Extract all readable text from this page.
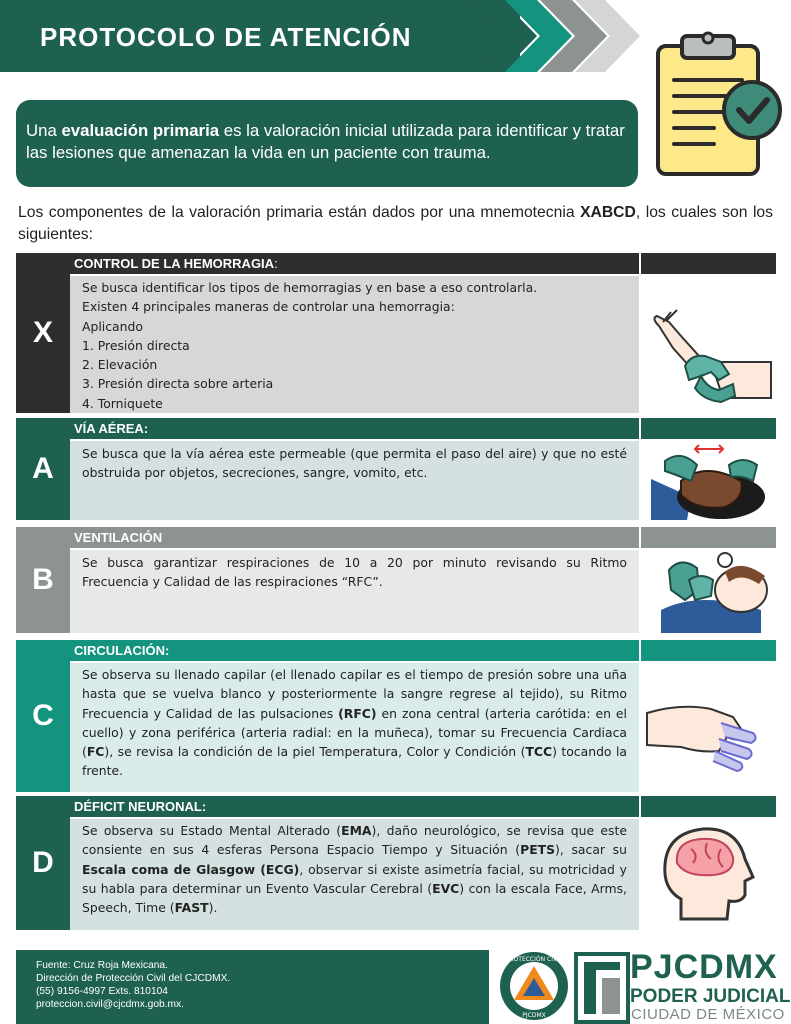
PROTOCOLO DE ATENCIÓN

Una evaluación primaria es la valoración inicial utilizada para identificar y tratar las lesiones que amenazan la vida en un paciente con trauma.

Los componentes de la valoración primaria están dados por una mnemotecnia XABCD, los cuales son los siguientes:
X
CONTROL DE LA HEMORRAGIA:

Se busca identificar los tipos de hemorragias y en base a eso controlarla.

Existen 4 principales maneras de controlar una hemorragia:

Aplicando

1. Presión directa

2. Elevación

3. Presión directa sobre arteria

4. Torniquete

A
VÍA AÉREA:

Se busca que la vía aérea este permeable (que permita el paso del aire) y que no esté obstruida por objetos, secreciones, sangre, vomito, etc.

B
VENTILACIÓN

Se busca garantizar respiraciones de 10 a 20 por minuto revisando su Ritmo Frecuencia y Calidad de las respiraciones “RFC”.

C
CIRCULACIÓN:

Se observa su llenado capilar (el llenado capilar es el tiempo de presión sobre una uña hasta que se vuelva blanco y posteriormente la sangre regrese al tejido), su Ritmo Frecuencia y Calidad de las pulsaciones (RFC) en zona central (arteria carótida: en el cuello) y zona periférica (arteria radial: en la muñeca), tomar su Frecuencia Cardiaca (FC), se revisa la condición de la piel Temperatura, Color y Condición (TCC) tocando la frente.

D
DÉFICIT NEURONAL:

Se observa su Estado Mental Alterado (EMA), daño neurológico, se revisa que este consiente en sus 4 esferas Persona Espacio Tiempo y Situación (PETS), sacar su Escala coma de Glasgow (ECG), observar si existe asimetría facial, su motricidad y su habla para determinar un Evento Vascular Cerebral (EVC) con la escala Face, Arms, Speech, Time (FAST).

Fuente: Cruz Roja Mexicana.
Dirección de Protección Civil del CJCDMX.
(55) 9156-4997 Exts. 810104
proteccion.civil@cjcdmx.gob.mx.
PROTECCIÓN CIVIL
PJCDMX
PJCDMX
PODER JUDICIAL
CIUDAD DE MÉXICO
